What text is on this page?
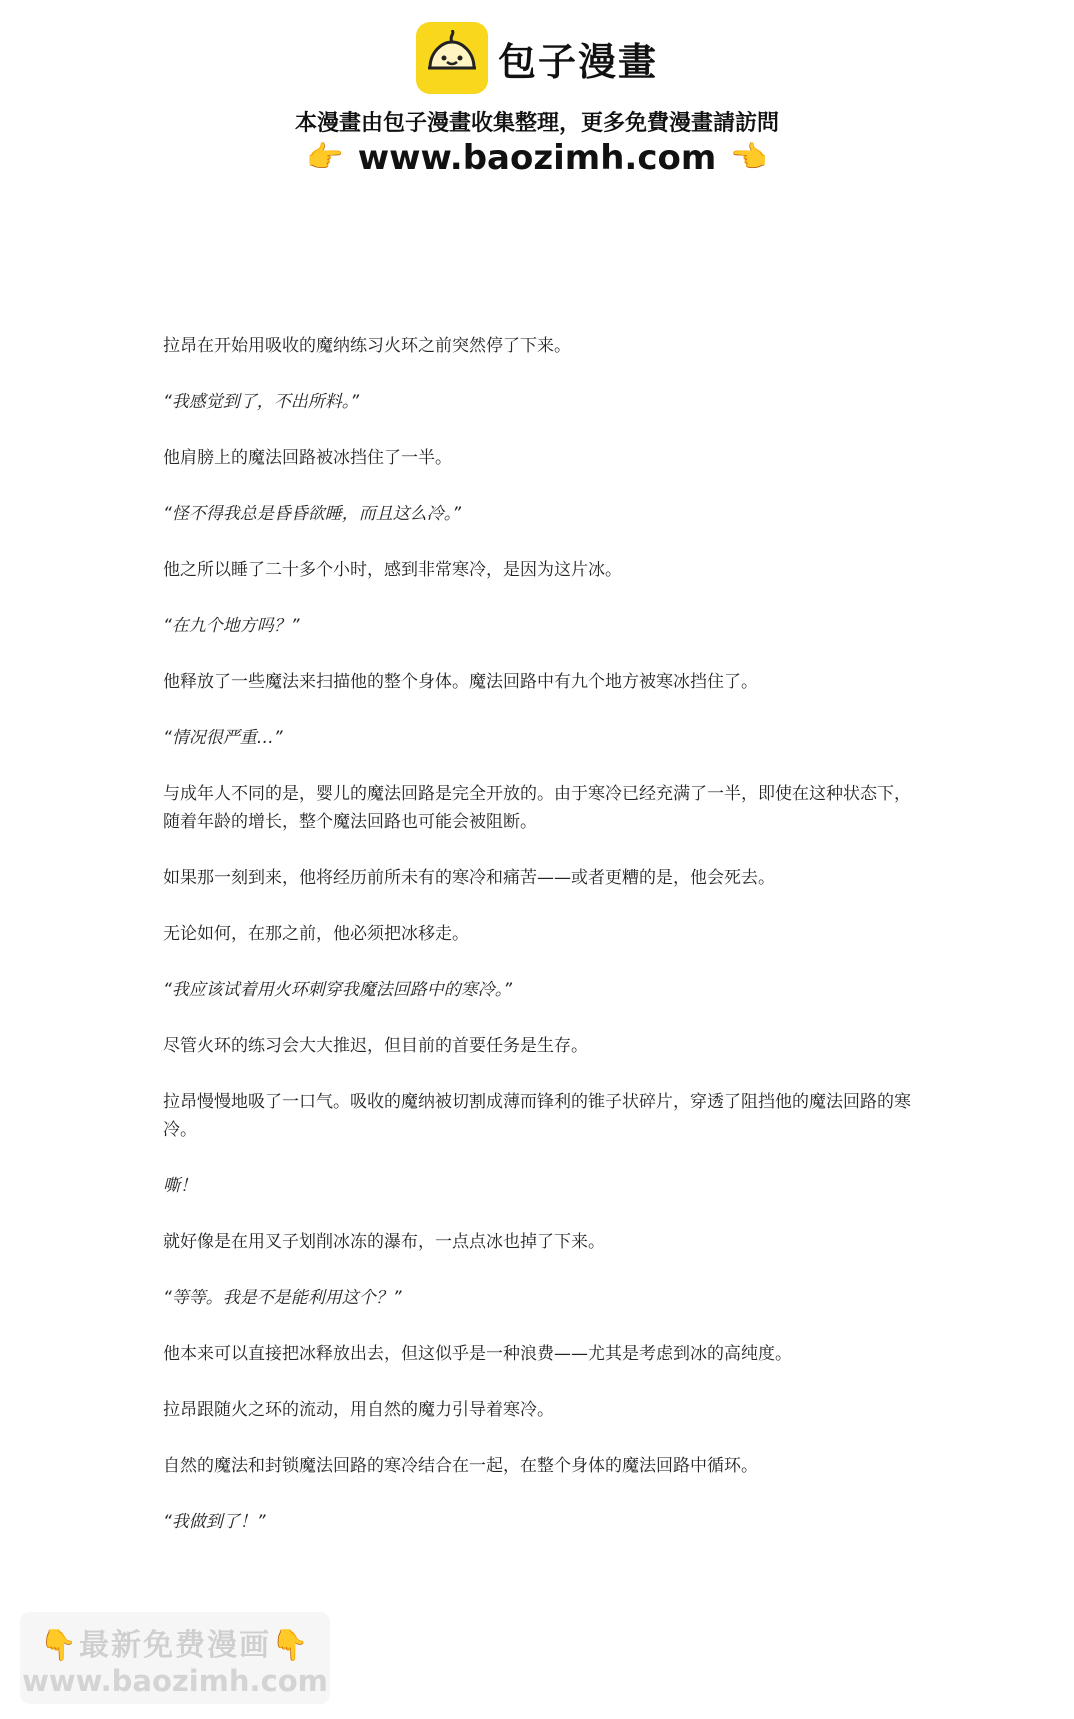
包子漫畫
本漫畫由包子漫畫收集整理，更多免費漫畫請訪問
👉 www.baozimh.com 👈

拉昂在开始用吸收的魔纳练习火环之前突然停了下来。

“我感觉到了，不出所料。”

他肩膀上的魔法回路被冰挡住了一半。

“怪不得我总是昏昏欲睡，而且这么冷。”

他之所以睡了二十多个小时，感到非常寒冷，是因为这片冰。

“在九个地方吗？”

他释放了一些魔法来扫描他的整个身体。魔法回路中有九个地方被寒冰挡住了。

“情况很严重…”

与成年人不同的是，婴儿的魔法回路是完全开放的。由于寒冷已经充满了一半，即使在这种状态下，随着年龄的增长，整个魔法回路也可能会被阻断。

如果那一刻到来，他将经历前所未有的寒冷和痛苦——或者更糟的是，他会死去。

无论如何，在那之前，他必须把冰移走。

“我应该试着用火环刺穿我魔法回路中的寒冷。”

尽管火环的练习会大大推迟，但目前的首要任务是生存。

拉昂慢慢地吸了一口气。吸收的魔纳被切割成薄而锋利的锥子状碎片，穿透了阻挡他的魔法回路的寒冷。

嘶！

就好像是在用叉子划削冰冻的瀑布，一点点冰也掉了下来。

“等等。我是不是能利用这个？”

他本来可以直接把冰释放出去，但这似乎是一种浪费——尤其是考虑到冰的高纯度。

拉昂跟随火之环的流动，用自然的魔力引导着寒冷。

自然的魔法和封锁魔法回路的寒冷结合在一起，在整个身体的魔法回路中循环。

“我做到了！”

👇最新免费漫画👇
www.baozimh.com
